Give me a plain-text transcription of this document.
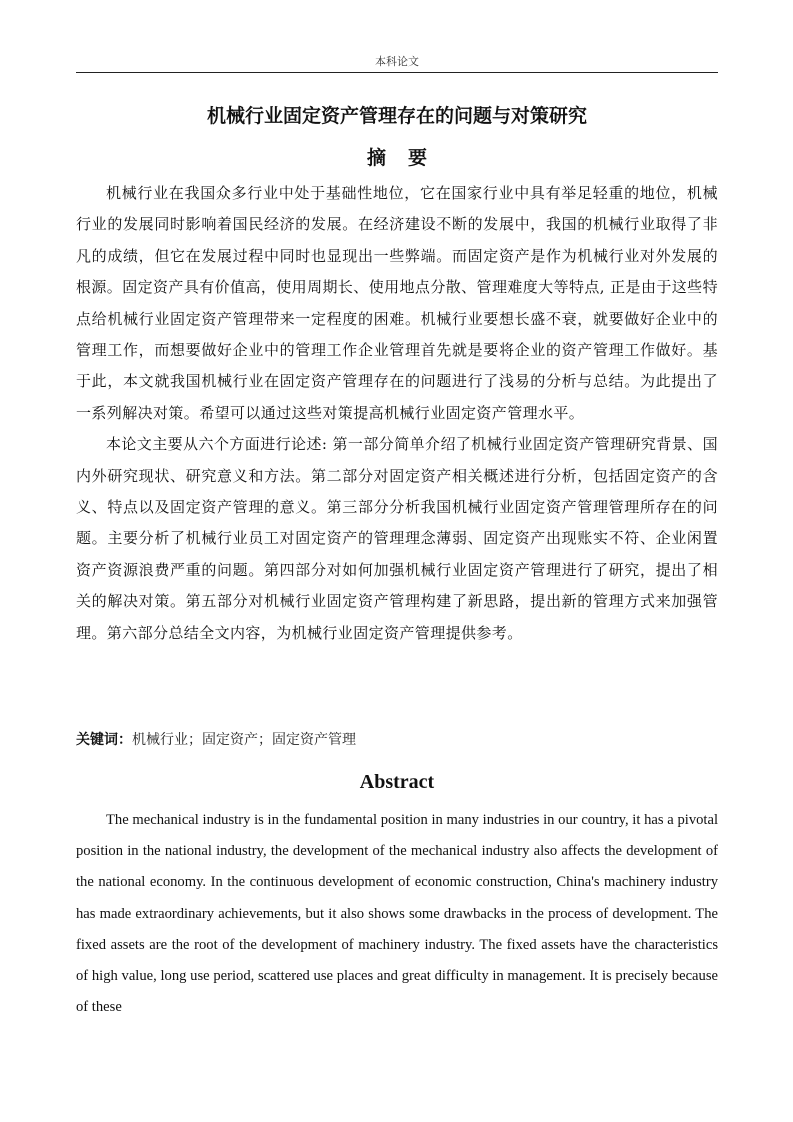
本科论文
机械行业固定资产管理存在的问题与对策研究
摘要

机械行业在我国众多行业中处于基础性地位，它在国家行业中具有举足轻重的地位，机械行业的发展同时影响着国民经济的发展。在经济建设不断的发展中，我国的机械行业取得了非凡的成绩，但它在发展过程中同时也显现出一些弊端。而固定资产是作为机械行业对外发展的根源。固定资产具有价值高，使用周期长、使用地点分散、管理难度大等特点, 正是由于这些特点给机械行业固定资产管理带来一定程度的困难。机械行业要想长盛不衰，就要做好企业中的管理工作，而想要做好企业中的管理工作企业管理首先就是要将企业的资产管理工作做好。基于此，本文就我国机械行业在固定资产管理存在的问题进行了浅易的分析与总结。为此提出了一系列解决对策。希望可以通过这些对策提高机械行业固定资产管理水平。

本论文主要从六个方面进行论述: 第一部分简单介绍了机械行业固定资产管理研究背景、国内外研究现状、研究意义和方法。第二部分对固定资产相关概述进行分析，包括固定资产的含义、特点以及固定资产管理的意义。第三部分分析我国机械行业固定资产管理管理所存在的问题。主要分析了机械行业员工对固定资产的管理理念薄弱、固定资产出现账实不符、企业闲置资产资源浪费严重的问题。第四部分对如何加强机械行业固定资产管理进行了研究，提出了相关的解决对策。第五部分对机械行业固定资产管理构建了新思路，提出新的管理方式来加强管理。第六部分总结全文内容，为机械行业固定资产管理提供参考。

关键词：机械行业；固定资产；固定资产管理
Abstract

The mechanical industry is in the fundamental position in many industries in our country, it has a pivotal position in the national industry, the development of the mechanical industry also affects the development of the national economy. In the continuous development of economic construction, China's machinery industry has made extraordinary achievements, but it also shows some drawbacks in the process of development. The fixed assets are the root of the development of machinery industry. The fixed assets have the characteristics of high value, long use period, scattered use places and great difficulty in management. It is precisely because of these
